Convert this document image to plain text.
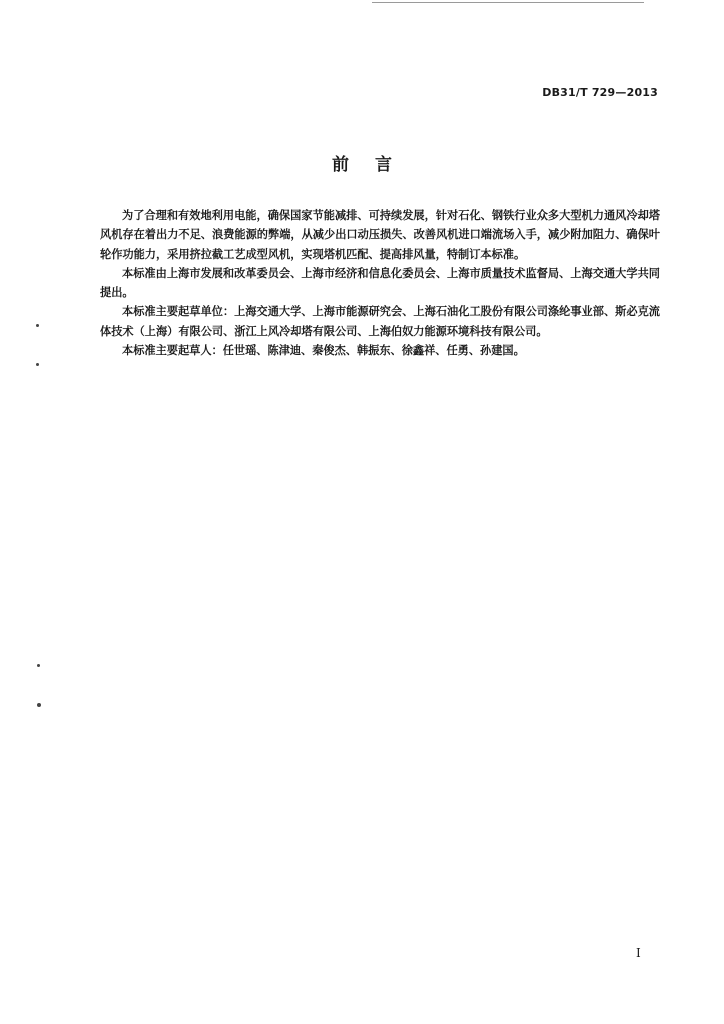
DB31/T 729—2013
前言

为了合理和有效地利用电能，确保国家节能减排、可持续发展，针对石化、钢铁行业众多大型机力通风冷却塔风机存在着出力不足、浪费能源的弊端，从减少出口动压损失、改善风机进口端流场入手，减少附加阻力、确保叶轮作功能力，采用挤拉截工艺成型风机，实现塔机匹配、提高排风量，特制订本标准。

本标准由上海市发展和改革委员会、上海市经济和信息化委员会、上海市质量技术监督局、上海交通大学共同提出。

本标准主要起草单位：上海交通大学、上海市能源研究会、上海石油化工股份有限公司涤纶事业部、斯必克流体技术（上海）有限公司、浙江上风冷却塔有限公司、上海伯奴力能源环境科技有限公司。

本标准主要起草人：任世瑶、陈津迪、秦俊杰、韩振东、徐鑫祥、任勇、孙建国。

I
